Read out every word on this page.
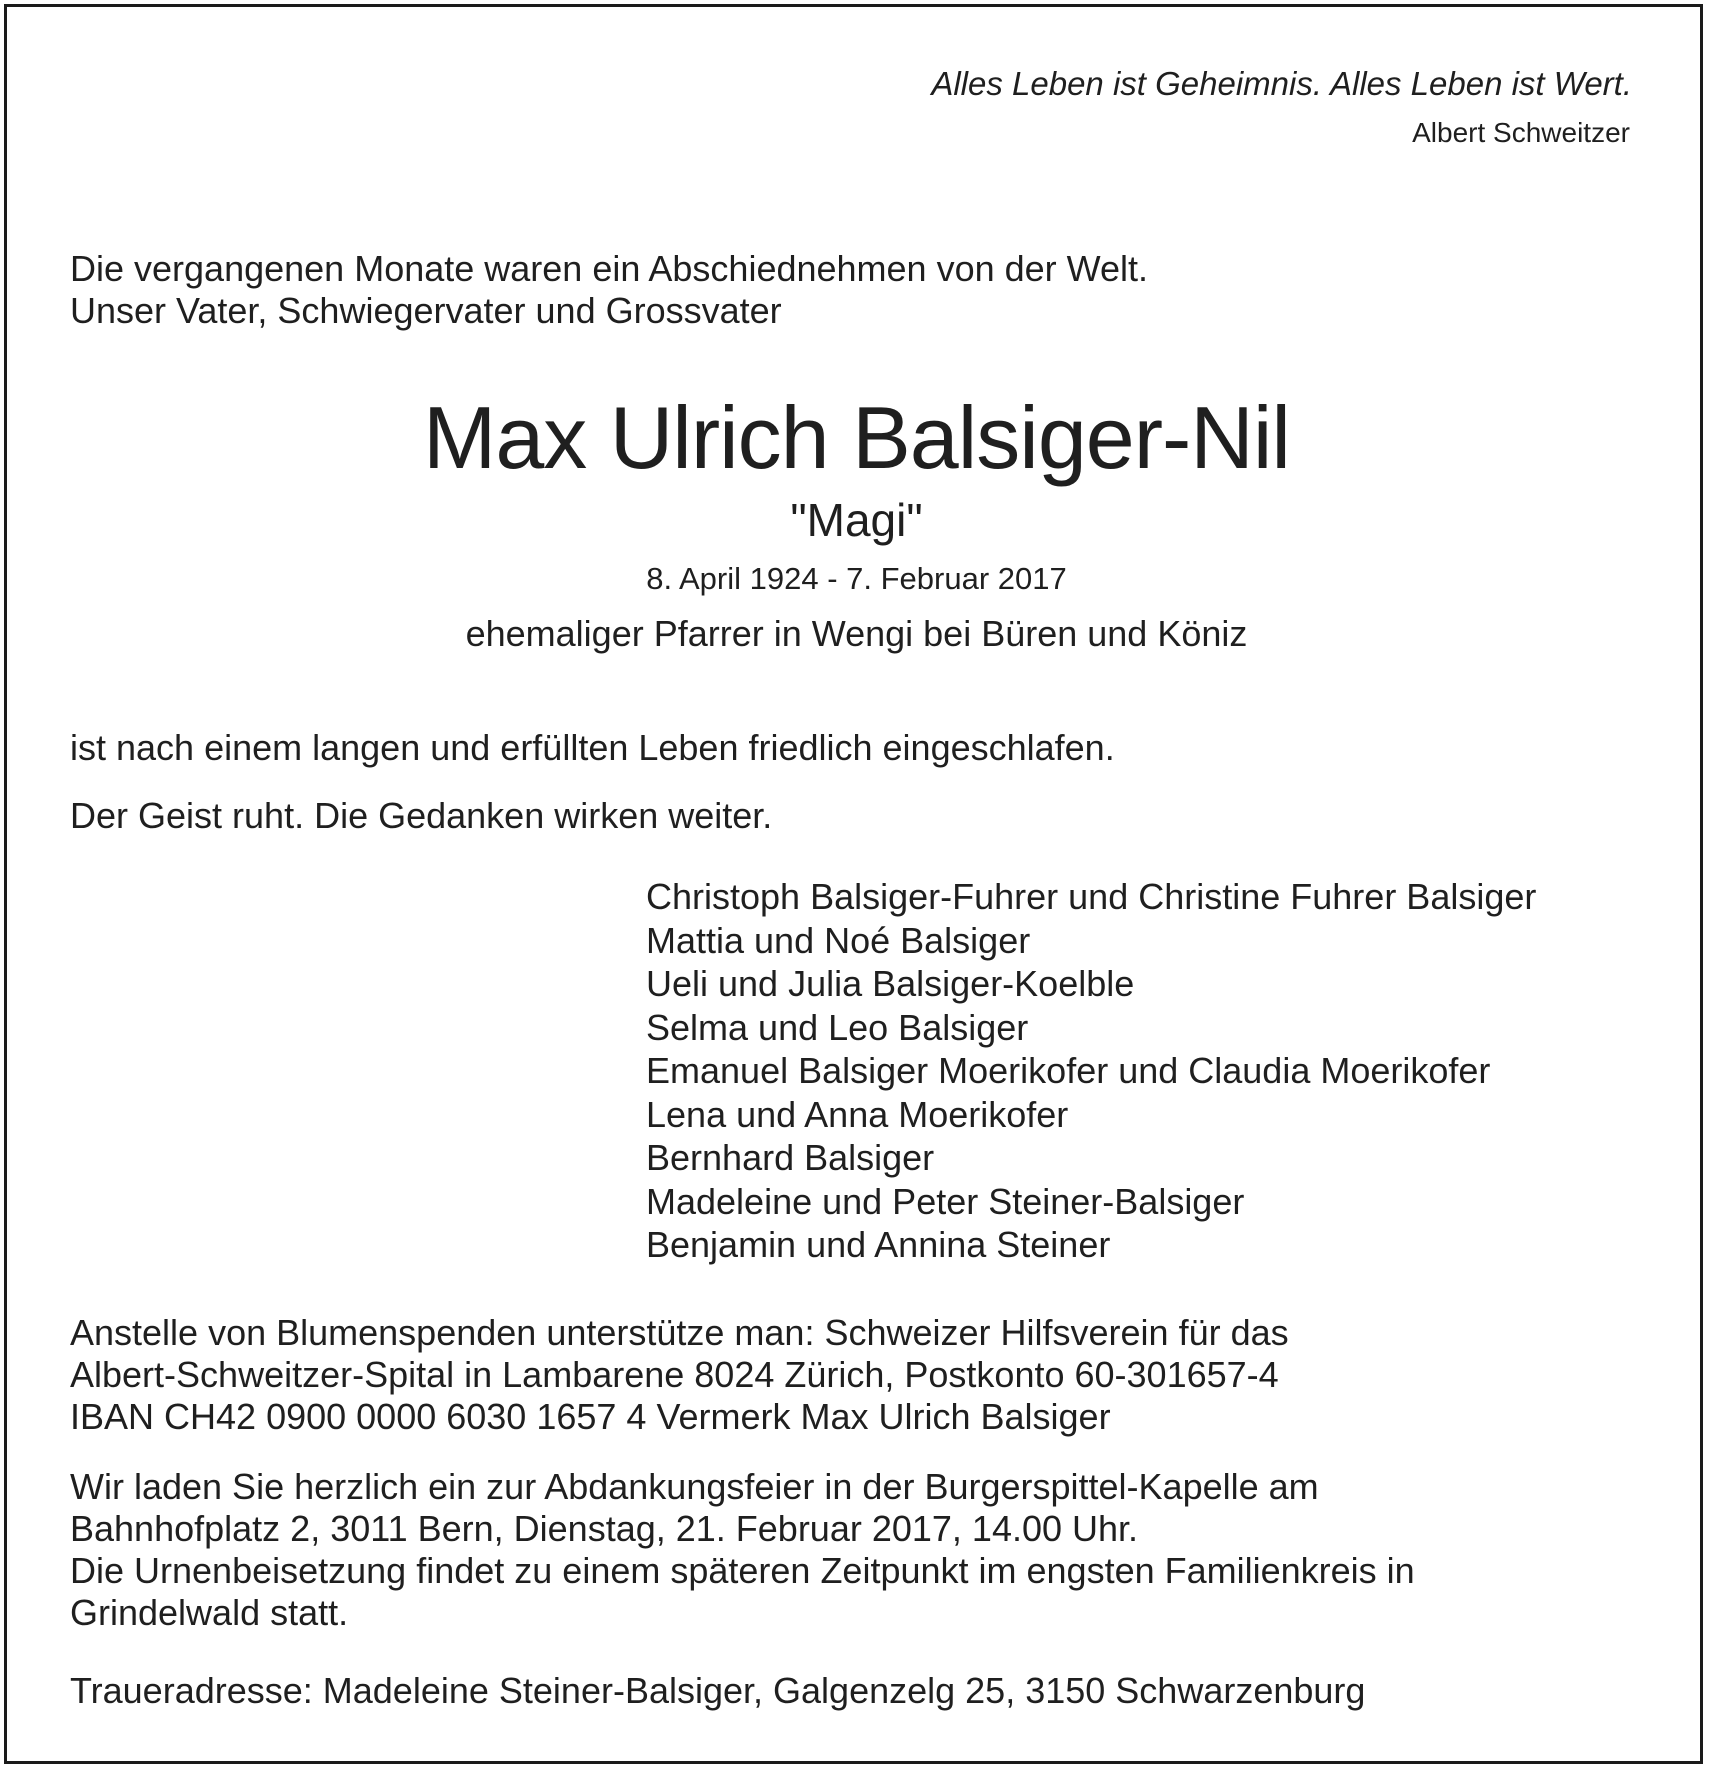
Alles Leben ist Geheimnis. Alles Leben ist Wert.
Albert Schweitzer
Die vergangenen Monate waren ein Abschiednehmen von der Welt.
Unser Vater, Schwiegervater und Grossvater
Max Ulrich Balsiger-Nil
"Magi"
8. April 1924 - 7. Februar 2017
ehemaliger Pfarrer in Wengi bei Büren und Köniz
ist nach einem langen und erfüllten Leben friedlich eingeschlafen.
Der Geist ruht. Die Gedanken wirken weiter.
Christoph Balsiger-Fuhrer und Christine Fuhrer Balsiger
Mattia und Noé Balsiger
Ueli und Julia Balsiger-Koelble
Selma und Leo Balsiger
Emanuel Balsiger Moerikofer und Claudia Moerikofer
Lena und Anna Moerikofer
Bernhard Balsiger
Madeleine und Peter Steiner-Balsiger
Benjamin und Annina Steiner
Anstelle von Blumenspenden unterstütze man: Schweizer Hilfsverein für das
Albert-Schweitzer-Spital in Lambarene 8024 Zürich, Postkonto 60-301657-4
IBAN CH42 0900 0000 6030 1657 4 Vermerk Max Ulrich Balsiger
Wir laden Sie herzlich ein zur Abdankungsfeier in der Burgerspittel-Kapelle am
Bahnhofplatz 2, 3011 Bern, Dienstag, 21. Februar 2017, 14.00 Uhr.
Die Urnenbeisetzung findet zu einem späteren Zeitpunkt im engsten Familienkreis in
Grindelwald statt.
Traueradresse: Madeleine Steiner-Balsiger, Galgenzelg 25, 3150 Schwarzenburg
